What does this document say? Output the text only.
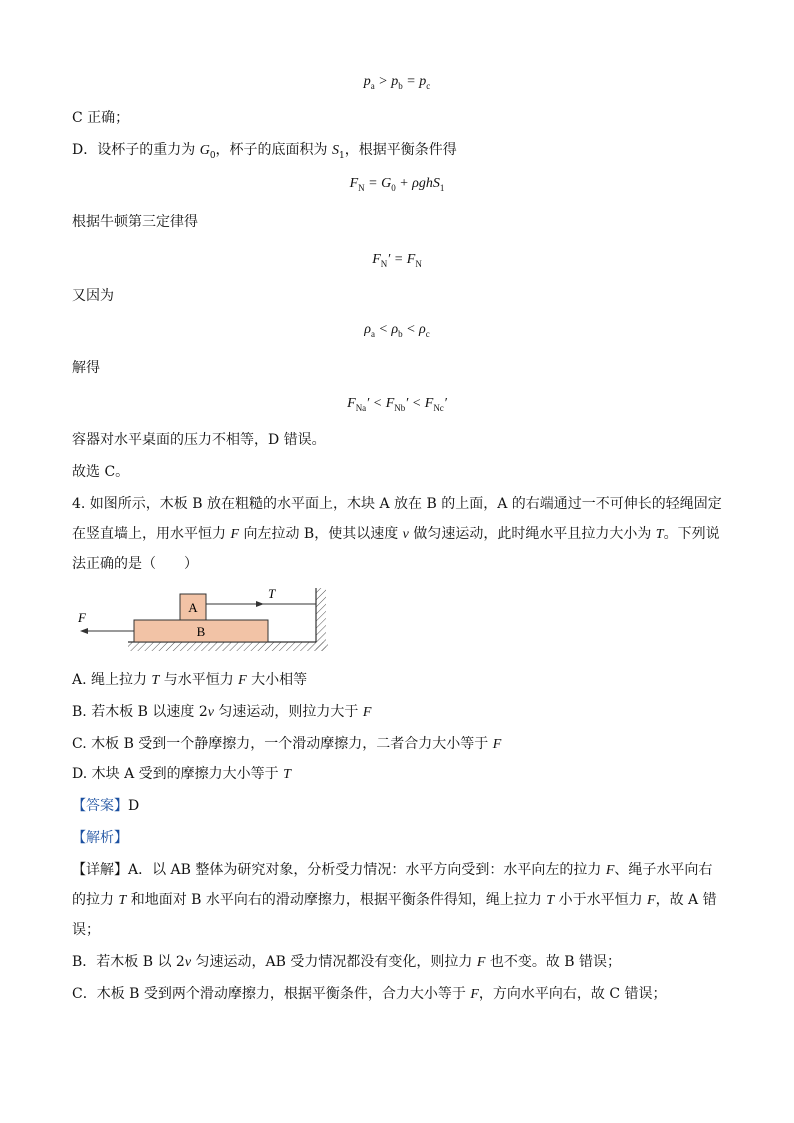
$p_a > p_b = p_c$
C 正确；
D．设杯子的重力为 $G_0$，杯子的底面积为 $S_1$，根据平衡条件得
$F_N = G_0 + \rho ghS_1$
根据牛顿第三定律得
$F_N' = F_N$
又因为
$\rho_a < \rho_b < \rho_c$
解得
$F_{Na}' < F_{Nb}' < F_{Nc}'$
容器对水平桌面的压力不相等，D 错误。
故选 C。
4. 如图所示，木板 B 放在粗糙的水平面上，木块 A 放在 B 的上面，A 的右端通过一不可伸长的轻绳固定
在竖直墙上，用水平恒力 F 向左拉动 B，使其以速度 v 做匀速运动，此时绳水平且拉力大小为 T。下列说
法正确的是（　　）
B
A
T
F
A. 绳上拉力 T 与水平恒力 F 大小相等
B. 若木板 B 以速度 2v 匀速运动，则拉力大于 F
C. 木板 B 受到一个静摩擦力，一个滑动摩擦力，二者合力大小等于 F
D. 木块 A 受到的摩擦力大小等于 T
【答案】D
【解析】
【详解】A．以 AB 整体为研究对象，分析受力情况：水平方向受到：水平向左的拉力 F、绳子水平向右
的拉力 T 和地面对 B 水平向右的滑动摩擦力，根据平衡条件得知，绳上拉力 T 小于水平恒力 F，故 A 错
误；
B．若木板 B 以 2v 匀速运动，AB 受力情况都没有变化，则拉力 F 也不变。故 B 错误；
C．木板 B 受到两个滑动摩擦力，根据平衡条件，合力大小等于 F，方向水平向右，故 C 错误；
